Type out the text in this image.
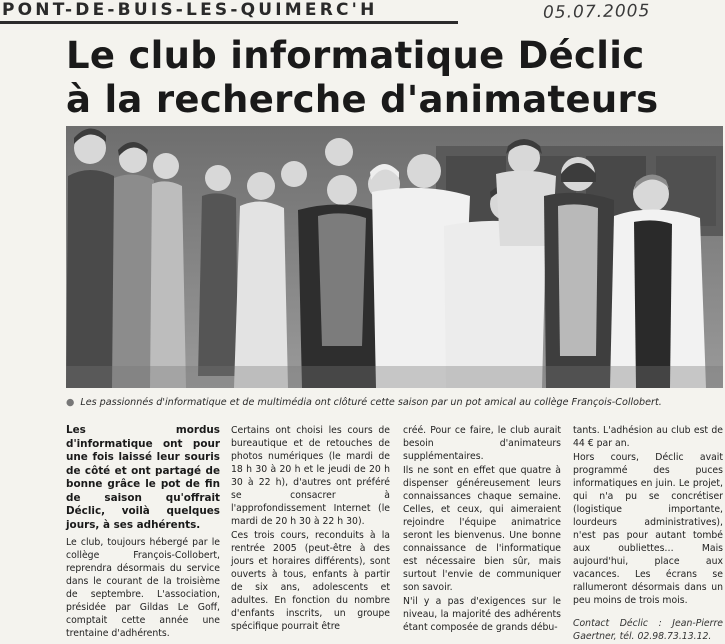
PONT-DE-BUIS-LES-QUIMERC'H	05.07.2005
Le club informatique Déclic
à la recherche d'animateurs
● Les passionnés d'informatique et de multimédia ont clôturé cette saison par un pot amical au collège François-Collobert.

Les mordus d'informatique ont pour une fois laissé leur souris de côté et ont partagé de bonne grâce le pot de fin de saison qu'offrait Déclic, voilà quelques jours, à ses adhérents.

Le club, toujours hébergé par le collège François-Collobert, reprendra désormais du service dans le courant de la troisième de septembre. L'association, présidée par Gildas Le Goff, comptait cette année une trentaine d'adhérents.

Certains ont choisi les cours de bureautique et de retouches de photos numériques (le mardi de 18 h 30 à 20 h et le jeudi de 20 h 30 à 22 h), d'autres ont préféré se consacrer à l'approfondissement Internet (le mardi de 20 h 30 à 22 h 30).

Ces trois cours, reconduits à la rentrée 2005 (peut-être à des jours et horaires différents), sont ouverts à tous, enfants à partir de six ans, adolescents et adultes. En fonction du nombre d'enfants inscrits, un groupe spécifique pourrait être

créé. Pour ce faire, le club aurait besoin d'animateurs supplémentaires.

Ils ne sont en effet que quatre à dispenser généreusement leurs connaissances chaque semaine. Celles, et ceux, qui aimeraient rejoindre l'équipe animatrice seront les bienvenus. Une bonne connaissance de l'informatique est nécessaire bien sûr, mais surtout l'envie de communiquer son savoir.

N'il y a pas d'exigences sur le niveau, la majorité des adhérents étant composée de grands débu-

tants. L'adhésion au club est de 44 € par an.

Hors cours, Déclic avait programmé des puces informatiques en juin. Le projet, qui n'a pu se concrétiser (logistique importante, lourdeurs administratives), n'est pas pour autant tombé aux oubliettes… Mais aujourd'hui, place aux vacances. Les écrans se rallumeront désormais dans un peu moins de trois mois.

Contact Déclic : Jean-Pierre Gaertner, tél. 02.98.73.13.12.
